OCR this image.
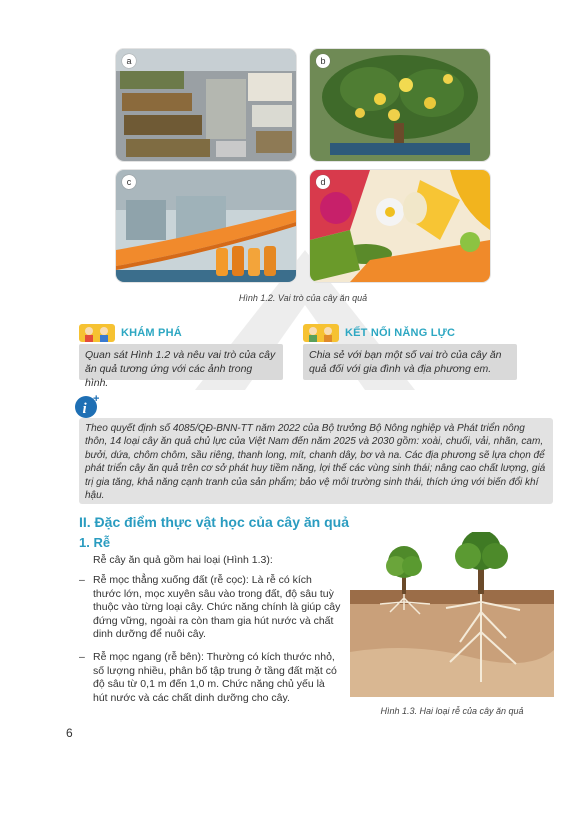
a	b
c	d
Hình 1.2. Vai trò của cây ăn quả
KHÁM PHÁ
Quan sát Hình 1.2 và nêu vai trò của cây ăn quả tương ứng với các ảnh trong hình.
KẾT NỐI NĂNG LỰC
Chia sẻ với bạn một số vai trò của cây ăn quả đối với gia đình và địa phương em.
i
+
Theo quyết định số 4085/QĐ-BNN-TT năm 2022 của Bộ trưởng Bộ Nông nghiệp và Phát triển nông thôn, 14 loại cây ăn quả chủ lực của Việt Nam đến năm 2025 và 2030 gồm: xoài, chuối, vải, nhãn, cam, bưởi, dứa, chôm chôm, sầu riêng, thanh long, mít, chanh dây, bơ và na. Các địa phương sẽ lựa chọn để phát triển cây ăn quả trên cơ sở phát huy tiềm năng, lợi thế các vùng sinh thái; nâng cao chất lượng, giá trị gia tăng, khả năng cạnh tranh của sản phẩm; bảo vệ môi trường sinh thái, thích ứng với biến đổi khí hậu.
II. Đặc điểm thực vật học của cây ăn quả
1. Rễ
Rễ cây ăn quả gồm hai loại (Hình 1.3):
– Rễ mọc thẳng xuống đất (rễ cọc): Là rễ có kích thước lớn, mọc xuyên sâu vào trong đất, độ sâu tuỳ thuộc vào từng loại cây. Chức năng chính là giúp cây đứng vững, ngoài ra còn tham gia hút nước và chất dinh dưỡng để nuôi cây.
– Rễ mọc ngang (rễ bên): Thường có kích thước nhỏ, số lượng nhiều, phân bố tập trung ở tầng đất mặt có độ sâu từ 0,1 m đến 1,0 m. Chức năng chủ yếu là hút nước và các chất dinh dưỡng cho cây.
Hình 1.3. Hai loại rễ của cây ăn quả
6
